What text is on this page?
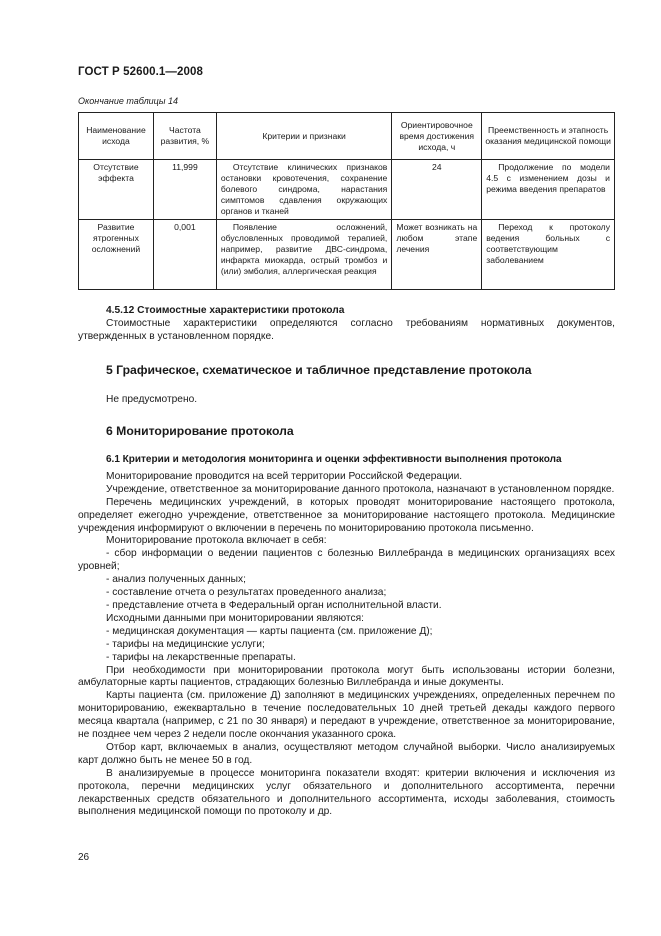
ГОСТ Р 52600.1—2008
Окончание таблицы 14
Наименование исхода	Частота развития, %	Критерии и признаки	Ориентировочное время достижения исхода, ч	Преемственность и этапность оказания медицинской помощи
Отсутствие эффекта	11,999	Отсутствие клинических признаков остановки кровотечения, сохранение болевого синдрома, нарастания симптомов сдавления окружающих органов и тканей	24	Продолжение по модели 4.5 с изменением дозы и режима введения препаратов
Развитие ятрогенных осложнений	0,001	Появление осложнений, обусловленных проводимой терапией, например, развитие ДВС-синдрома, инфаркта миокарда, острый тромбоз и (или) эмболия, аллергическая реакция	Может возникать на любом этапе лечения	Переход к протоколу ведения больных с соответствующим заболеванием
4.5.12 Стоимостные характеристики протокола

Стоимостные характеристики определяются согласно требованиям нормативных документов, утвержденных в установленном порядке.

5 Графическое, схематическое и табличное представление протокола

Не предусмотрено.

6 Мониторирование протокола
6.1 Критерии и методология мониторинга и оценки эффективности выполнения протокола

Мониторирование проводится на всей территории Российской Федерации.

Учреждение, ответственное за мониторирование данного протокола, назначают в установленном порядке.

Перечень медицинских учреждений, в которых проводят мониторирование настоящего протокола, определяет ежегодно учреждение, ответственное за мониторирование настоящего протокола. Медицинские учреждения информируют о включении в перечень по мониторированию протокола письменно.

Мониторирование протокола включает в себя:

- сбор информации о ведении пациентов с болезнью Виллебранда в медицинских организациях всех уровней;

- анализ полученных данных;

- составление отчета о результатах проведенного анализа;

- представление отчета в Федеральный орган исполнительной власти.

Исходными данными при мониторировании являются:

- медицинская документация — карты пациента (см. приложение Д);

- тарифы на медицинские услуги;

- тарифы на лекарственные препараты.

При необходимости при мониторировании протокола могут быть использованы истории болезни, амбулаторные карты пациентов, страдающих болезнью Виллебранда и иные документы.

Карты пациента (см. приложение Д) заполняют в медицинских учреждениях, определенных перечнем по мониторированию, ежеквартально в течение последовательных 10 дней третьей декады каждого первого месяца квартала (например, с 21 по 30 января) и передают в учреждение, ответственное за мониторирование, не позднее чем через 2 недели после окончания указанного срока.

Отбор карт, включаемых в анализ, осуществляют методом случайной выборки. Число анализируемых карт должно быть не менее 50 в год.

В анализируемые в процессе мониторинга показатели входят: критерии включения и исключения из протокола, перечни медицинских услуг обязательного и дополнительного ассортимента, перечни лекарственных средств обязательного и дополнительного ассортимента, исходы заболевания, стоимость выполнения медицинской помощи по протоколу и др.

26
